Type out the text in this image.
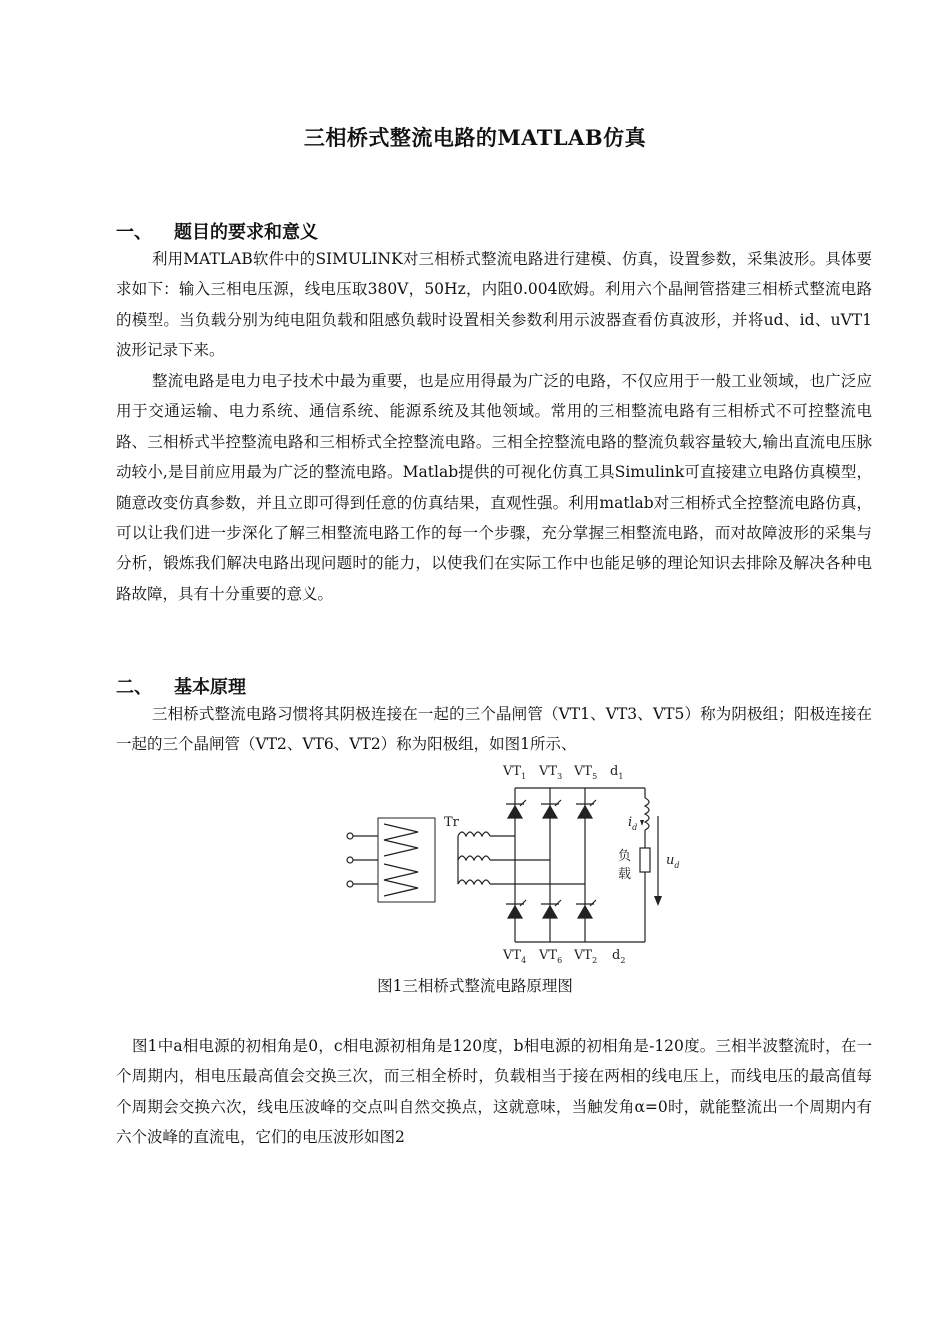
三相桥式整流电路的MATLAB仿真
一、 题目的要求和意义

利用MATLAB软件中的SIMULINK对三相桥式整流电路进行建模、仿真，设置参数，采集波形。具体要求如下：输入三相电压源，线电压取380V，50Hz，内阻0.004欧姆。利用六个晶闸管搭建三相桥式整流电路的模型。当负载分别为纯电阻负载和阻感负载时设置相关参数利用示波器查看仿真波形，并将ud、id、uVT1波形记录下来。

整流电路是电力电子技术中最为重要，也是应用得最为广泛的电路，不仅应用于一般工业领域，也广泛应用于交通运输、电力系统、通信系统、能源系统及其他领域。常用的三相整流电路有三相桥式不可控整流电路、三相桥式半控整流电路和三相桥式全控整流电路。三相全控整流电路的整流负载容量较大,输出直流电压脉动较小,是目前应用最为广泛的整流电路。Matlab提供的可视化仿真工具Simulink可直接建立电路仿真模型，随意改变仿真参数，并且立即可得到任意的仿真结果，直观性强。利用matlab对三相桥式全控整流电路仿真，可以让我们进一步深化了解三相整流电路工作的每一个步骤，充分掌握三相整流电路，而对故障波形的采集与分析，锻炼我们解决电路出现问题时的能力，以使我们在实际工作中也能足够的理论知识去排除及解决各种电路故障，具有十分重要的意义。

二、 基本原理

三相桥式整流电路习惯将其阴极连接在一起的三个晶闸管（VT1、VT3、VT5）称为阴极组；阳极连接在一起的三个晶闸管（VT2、VT6、VT2）称为阳极组，如图1所示、

$VT_1$ $VT_3$ $VT_5$ $d_1$
$VT_4$ $VT_6$ $VT_2$ $d_2$
Tr	$i_d$
$u_d$
负
载
图1三相桥式整流电路原理图

图1中a相电源的初相角是0，c相电源初相角是120度，b相电源的初相角是-120度。三相半波整流时，在一个周期内，相电压最高值会交换三次，而三相全桥时，负载相当于接在两相的线电压上，而线电压的最高值每个周期会交换六次，线电压波峰的交点叫自然交换点，这就意味，当触发角α=0时，就能整流出一个周期内有六个波峰的直流电，它们的电压波形如图2
